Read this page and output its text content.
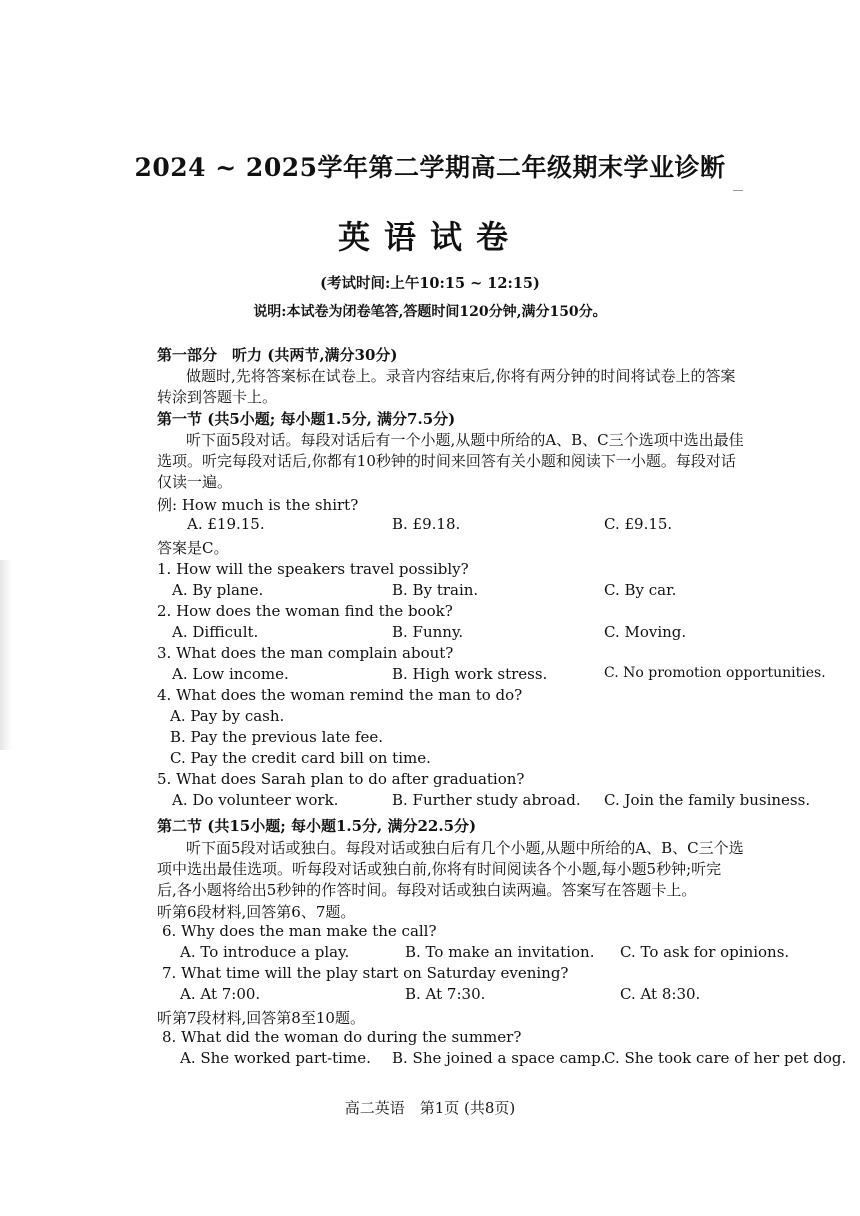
2024 ~ 2025学年第二学期高二年级期末学业诊断
英语试卷
(考试时间:上午10:15 ~ 12:15)
说明:本试卷为闭卷笔答,答题时间120分钟,满分150分。
第一部分　听力 (共两节,满分30分)
做题时,先将答案标在试卷上。录音内容结束后,你将有两分钟的时间将试卷上的答案
转涂到答题卡上。
第一节 (共5小题; 每小题1.5分, 满分7.5分)
听下面5段对话。每段对话后有一个小题,从题中所给的A、B、C三个选项中选出最佳
选项。听完每段对话后,你都有10秒钟的时间来回答有关小题和阅读下一小题。每段对话
仅读一遍。
例: How much is the shirt?
A. £19.15.	B. £9.18.	C. £9.15.
答案是C。
1. How will the speakers travel possibly?
A. By plane.	B. By train.	C. By car.
2. How does the woman find the book?
A. Difficult.	B. Funny.	C. Moving.
3. What does the man complain about?
A. Low income.	B. High work stress.	C. No promotion opportunities.
4. What does the woman remind the man to do?
A. Pay by cash.
B. Pay the previous late fee.
C. Pay the credit card bill on time.
5. What does Sarah plan to do after graduation?
A. Do volunteer work.	B. Further study abroad. C. Join the family business.
第二节 (共15小题; 每小题1.5分, 满分22.5分)
听下面5段对话或独白。每段对话或独白后有几个小题,从题中所给的A、B、C三个选
项中选出最佳选项。听每段对话或独白前,你将有时间阅读各个小题,每小题5秒钟;听完
后,各小题将给出5秒钟的作答时间。每段对话或独白读两遍。答案写在答题卡上。
听第6段材料,回答第6、7题。
6. Why does the man make the call?
A. To introduce a play.	B. To make an invitation. C. To ask for opinions.
7. What time will the play start on Saturday evening?
A. At 7:00.	B. At 7:30.	C. At 8:30.
听第7段材料,回答第8至10题。
8. What did the woman do during the summer?
A. She worked part-time. B. She joined a space camp.
C. She took care of her pet dog.
高二英语　第1页 (共8页)
